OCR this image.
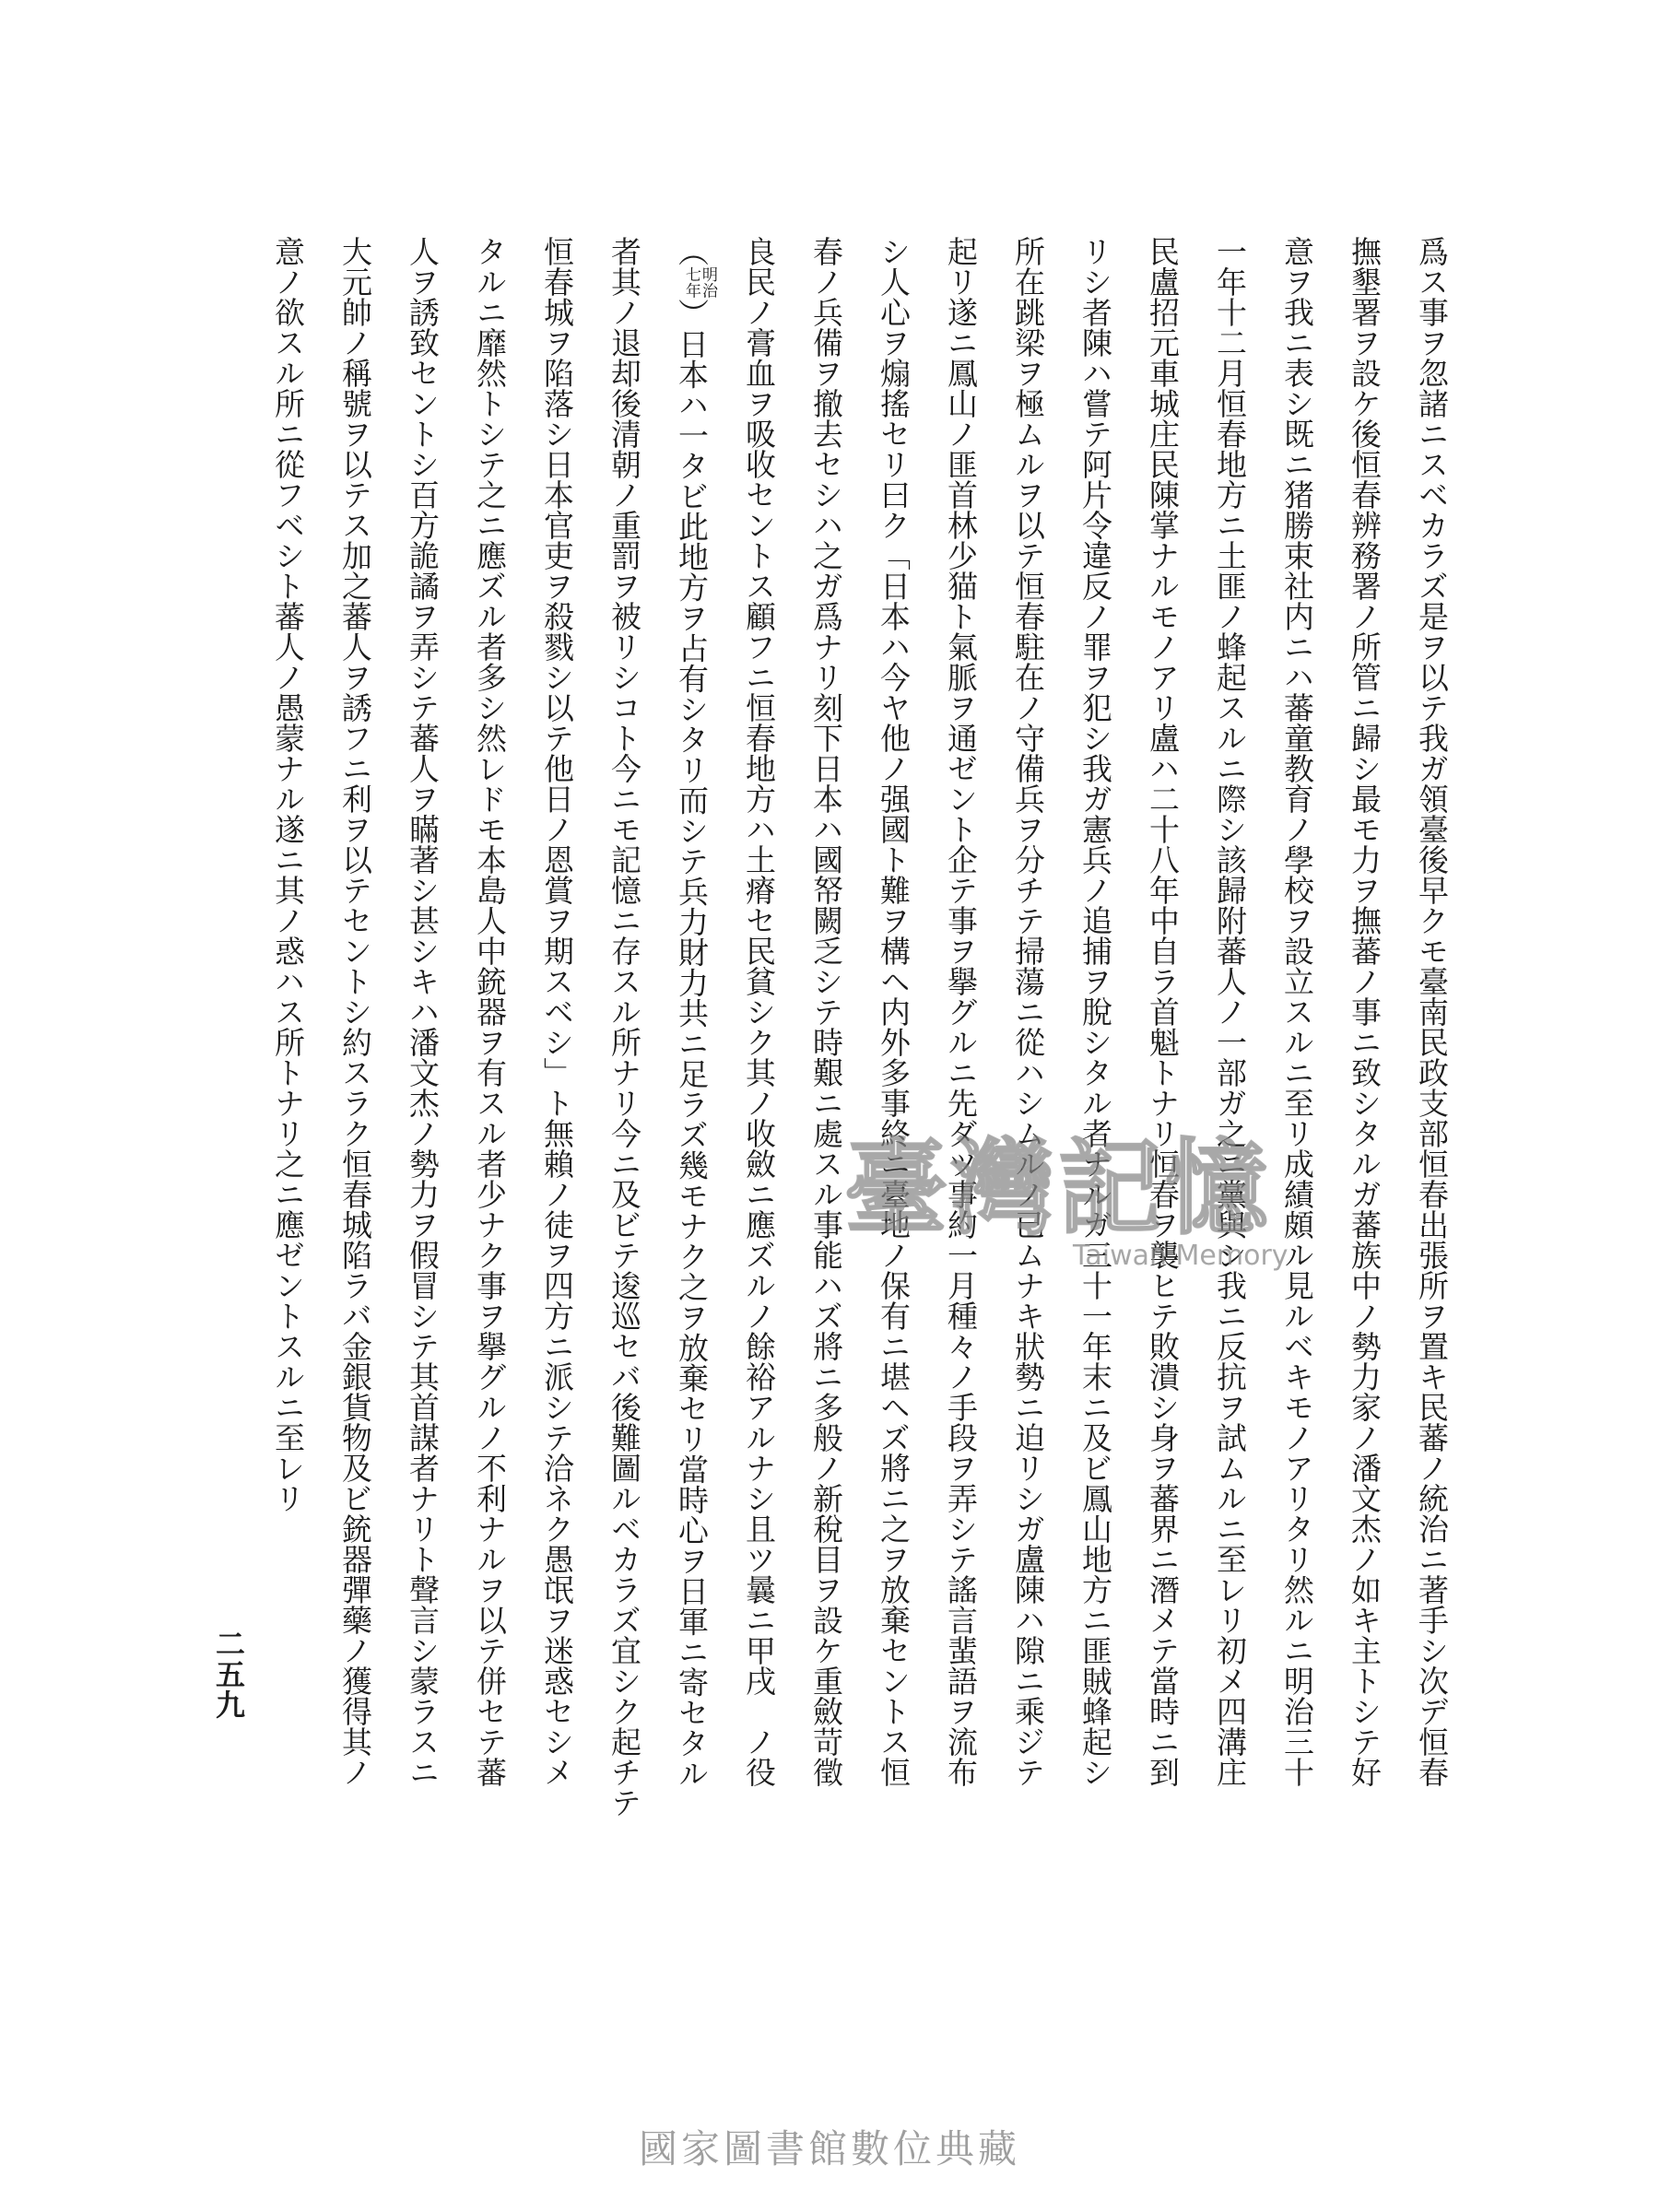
爲ス事ヲ忽諸ニスベカラズ是ヲ以テ我ガ領臺後早クモ臺南民政支部恒春出張所ヲ置キ民蕃ノ統治ニ著手シ次デ恒春

撫墾署ヲ設ケ後恒春辨務署ノ所管ニ歸シ最モ力ヲ撫蕃ノ事ニ致シタルガ蕃族中ノ勢力家ノ潘文杰ノ如キ主トシテ好

意ヲ我ニ表シ既ニ猪勝束社内ニハ蕃童教育ノ學校ヲ設立スルニ至リ成績頗ル見ルベキモノアリタリ然ルニ明治三十

一年十二月恒春地方ニ土匪ノ蜂起スルニ際シ該歸附蕃人ノ一部ガ之ニ黨與シ我ニ反抗ヲ試ムルニ至レリ初メ四溝庄

民盧招元車城庄民陳掌ナルモノアリ盧ハ二十八年中自ラ首魁トナリ恒春ヲ襲ヒテ敗潰シ身ヲ蕃界ニ潛メテ當時ニ到

リシ者陳ハ嘗テ阿片令違反ノ罪ヲ犯シ我ガ憲兵ノ追捕ヲ脫シタル者ナルガ三十一年末ニ及ビ鳳山地方ニ匪賊蜂起シ

所在跳梁ヲ極ムルヲ以テ恒春駐在ノ守備兵ヲ分チテ掃蕩ニ從ハシムルノ已ムナキ狀勢ニ迫リシガ盧陳ハ隙ニ乘ジテ

起リ遂ニ鳳山ノ匪首林少猫ト氣脈ヲ通ゼント企テ事ヲ擧グルニ先ダツ事約一月種々ノ手段ヲ弄シテ謠言蜚語ヲ流布

シ人心ヲ煽搖セリ曰ク「日本ハ今ヤ他ノ强國ト難ヲ構ヘ内外多事終ニ臺地ノ保有ニ堪ヘズ將ニ之ヲ放棄セントス恒

春ノ兵備ヲ撤去セシハ之ガ爲ナリ刻下日本ハ國帑闕乏シテ時艱ニ處スル事能ハズ將ニ多般ノ新稅目ヲ設ケ重斂苛徵

良民ノ膏血ヲ吸收セントス顧フニ恒春地方ハ土瘠セ民貧シク其ノ收斂ニ應ズルノ餘裕アルナシ且ツ曩ニ甲戌　ノ役

（
明治
七年
）日本ハ一タビ此地方ヲ占有シタリ而シテ兵力財力共ニ足ラズ幾モナク之ヲ放棄セリ當時心ヲ日軍ニ寄セタル

者其ノ退却後清朝ノ重罰ヲ被リシコト今ニモ記憶ニ存スル所ナリ今ニ及ビテ逡巡セバ後難圖ルベカラズ宜シク起チテ

恒春城ヲ陷落シ日本官吏ヲ殺戮シ以テ他日ノ恩賞ヲ期スベシ」ト無賴ノ徒ヲ四方ニ派シテ洽ネク愚氓ヲ迷惑セシメ

タルニ靡然トシテ之ニ應ズル者多シ然レドモ本島人中銃器ヲ有スル者少ナク事ヲ擧グルノ不利ナルヲ以テ併セテ蕃

人ヲ誘致セントシ百方詭譎ヲ弄シテ蕃人ヲ瞞著シ甚シキハ潘文杰ノ勢力ヲ假冒シテ其首謀者ナリト聲言シ蒙ラスニ

大元帥ノ稱號ヲ以テス加之蕃人ヲ誘フニ利ヲ以テセントシ約スラク恒春城陷ラバ金銀貨物及ビ銃器彈藥ノ獲得其ノ

意ノ欲スル所ニ從フベシト蕃人ノ愚蒙ナル遂ニ其ノ惑ハス所トナリ之ニ應ゼントスルニ至レリ

二五九
臺灣記憶
Taiwan Memory
國家圖書館數位典藏
